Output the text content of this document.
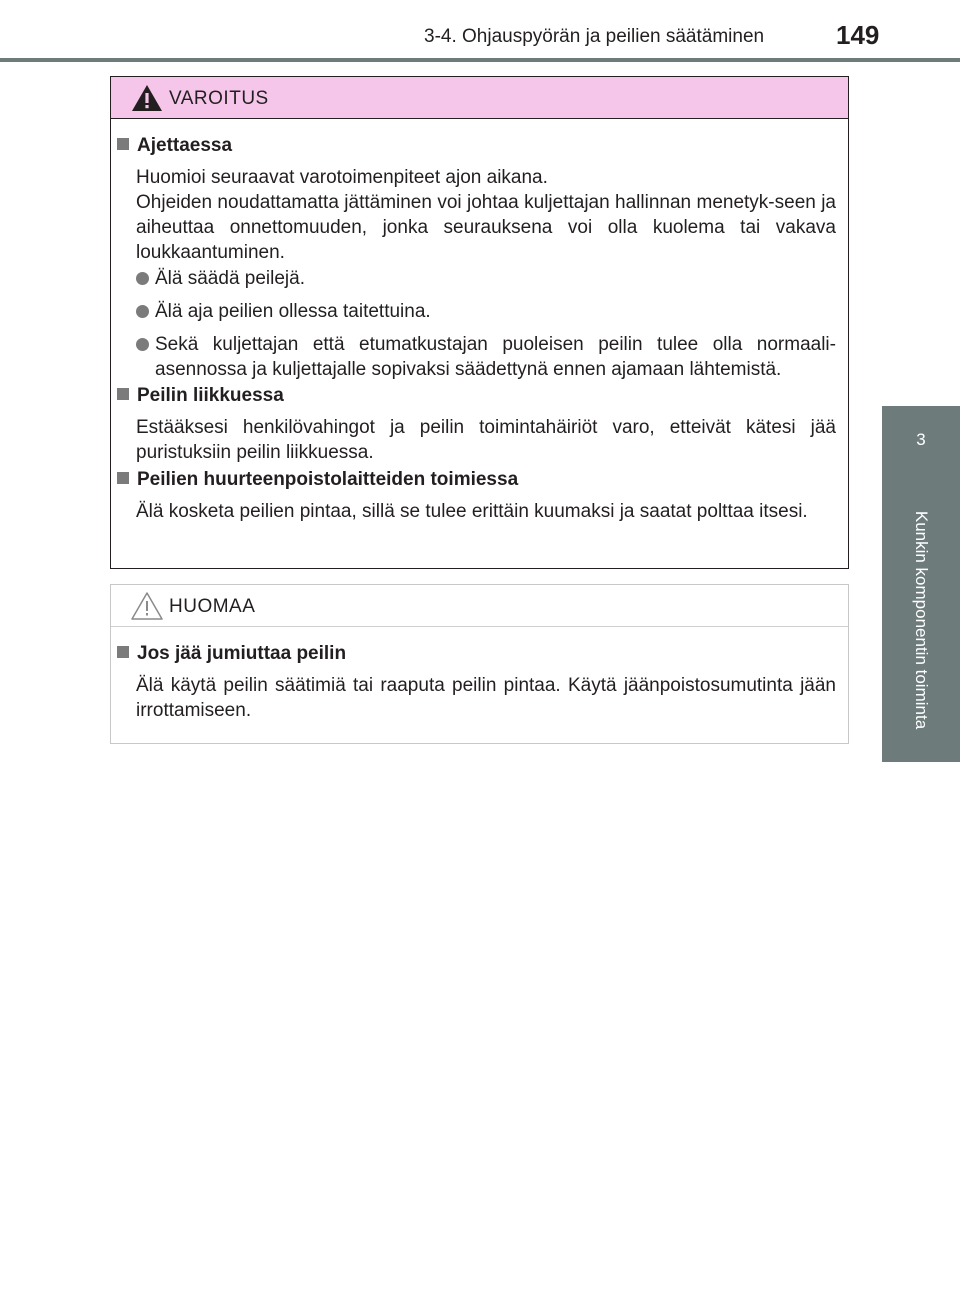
3-4. Ohjauspyörän ja peilien säätäminen	149
3
Kunkin komponentin toiminta
VAROITUS
Ajettaessa
Huomioi seuraavat varotoimenpiteet ajon aikana.
Ohjeiden noudattamatta jättäminen voi johtaa kuljettajan hallinnan menetyk-seen ja aiheuttaa onnettomuuden, jonka seurauksena voi olla kuolema tai vakava loukkaantuminen.
Älä säädä peilejä.
Älä aja peilien ollessa taitettuina.
Sekä kuljettajan että etumatkustajan puoleisen peilin tulee olla normaali-asennossa ja kuljettajalle sopivaksi säädettynä ennen ajamaan lähtemistä.
Peilin liikkuessa
Estääksesi henkilövahingot ja peilin toimintahäiriöt varo, etteivät kätesi jää puristuksiin peilin liikkuessa.
Peilien huurteenpoistolaitteiden toimiessa
Älä kosketa peilien pintaa, sillä se tulee erittäin kuumaksi ja saatat polttaa itsesi.
HUOMAA
Jos jää jumiuttaa peilin
Älä käytä peilin säätimiä tai raaputa peilin pintaa. Käytä jäänpoistosumutinta jään irrottamiseen.
